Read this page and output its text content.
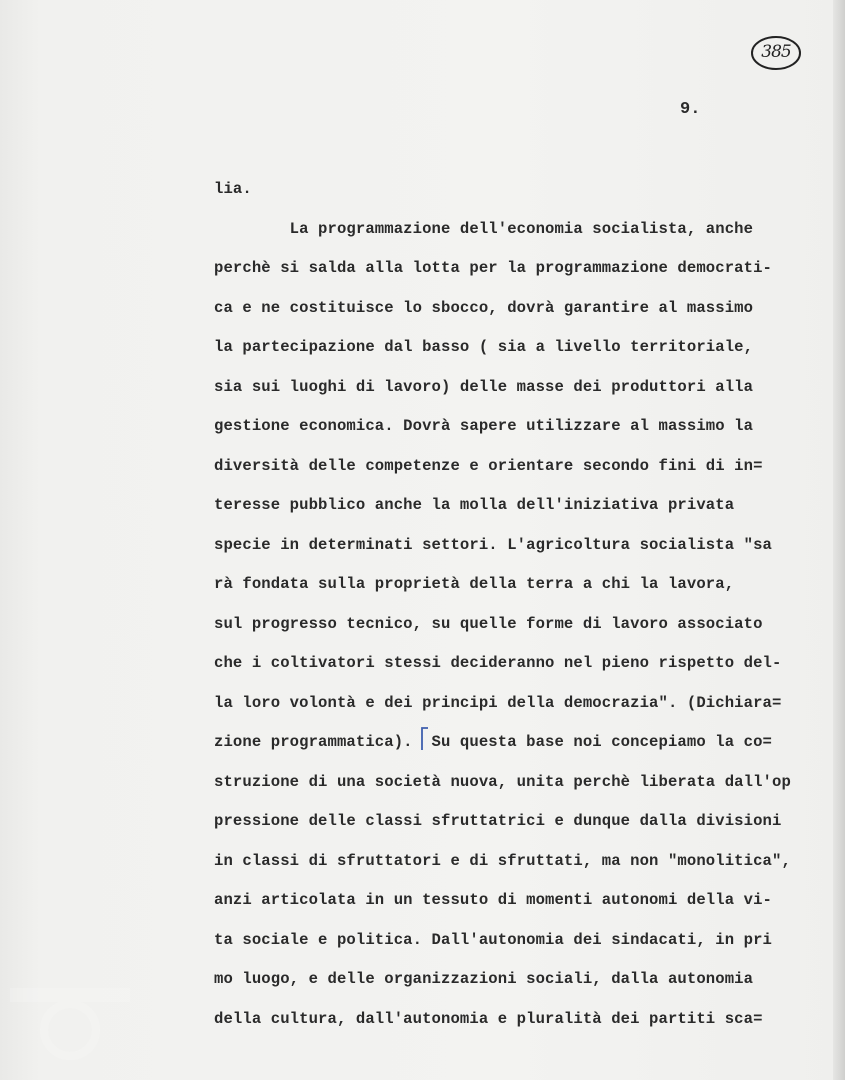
385
9.
lia.
La programmazione dell'economia socialista, anche
perchè si salda alla lotta per la programmazione democrati-
ca e ne costituisce lo sbocco, dovrà garantire al massimo
la partecipazione dal basso ( sia a livello territoriale,
sia sui luoghi di lavoro) delle masse dei produttori alla
gestione economica. Dovrà sapere utilizzare al massimo la
diversità delle competenze e orientare secondo fini di in=
teresse pubblico anche la molla dell'iniziativa privata
specie in determinati settori. L'agricoltura socialista "sa
rà fondata sulla proprietà della terra a chi la lavora,
sul progresso tecnico, su quelle forme di lavoro associato
che i coltivatori stessi decideranno nel pieno rispetto del-
la loro volontà e dei principi della democrazia". (Dichiara=
zione programmatica).  Su questa base noi concepiamo la co=
struzione di una società nuova, unita perchè liberata dall'op
pressione delle classi sfruttatrici e dunque dalla divisioni
in classi di sfruttatori e di sfruttati, ma non "monolitica",
anzi articolata in un tessuto di momenti autonomi della vi-
ta sociale e politica. Dall'autonomia dei sindacati, in pri
mo luogo, e delle organizzazioni sociali, dalla autonomia
della cultura, dall'autonomia e pluralità dei partiti sca=
